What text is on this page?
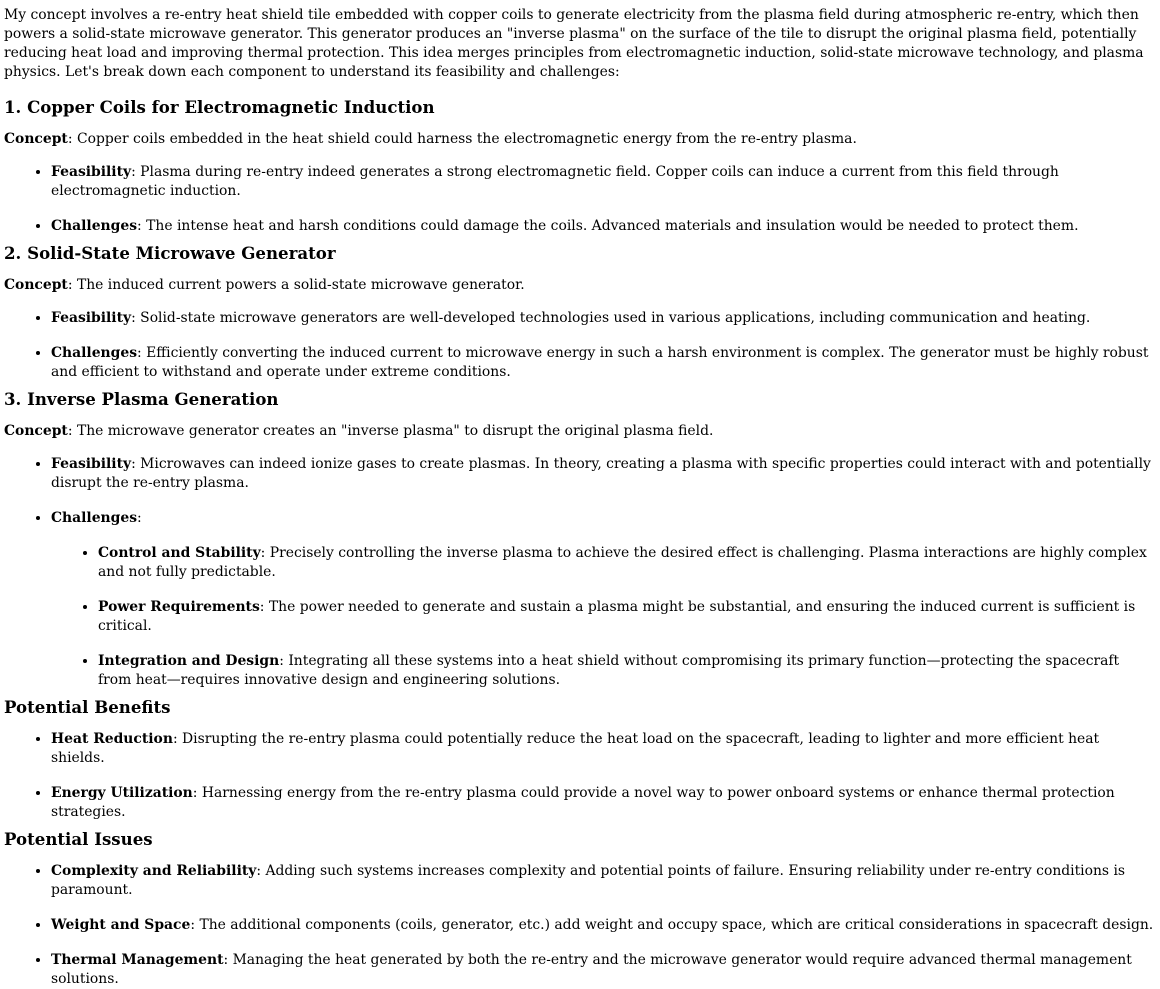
My concept involves a re-entry heat shield tile embedded with copper coils to generate electricity from the plasma field during atmospheric re-entry, which then powers a solid-state microwave generator. This generator produces an "inverse plasma" on the surface of the tile to disrupt the original plasma field, potentially reducing heat load and improving thermal protection. This idea merges principles from electromagnetic induction, solid-state microwave technology, and plasma physics. Let's break down each component to understand its feasibility and challenges:

1. Copper Coils for Electromagnetic Induction

Concept: Copper coils embedded in the heat shield could harness the electromagnetic energy from the re-entry plasma.

• Feasibility: Plasma during re-entry indeed generates a strong electromagnetic field. Copper coils can induce a current from this field through electromagnetic induction.
• Challenges: The intense heat and harsh conditions could damage the coils. Advanced materials and insulation would be needed to protect them.
2. Solid-State Microwave Generator

Concept: The induced current powers a solid-state microwave generator.

• Feasibility: Solid-state microwave generators are well-developed technologies used in various applications, including communication and heating.
• Challenges: Efficiently converting the induced current to microwave energy in such a harsh environment is complex. The generator must be highly robust and efficient to withstand and operate under extreme conditions.
3. Inverse Plasma Generation

Concept: The microwave generator creates an "inverse plasma" to disrupt the original plasma field.

• Feasibility: Microwaves can indeed ionize gases to create plasmas. In theory, creating a plasma with specific properties could interact with and potentially disrupt the re-entry plasma.
• Challenges:
• Control and Stability: Precisely controlling the inverse plasma to achieve the desired effect is challenging. Plasma interactions are highly complex and not fully predictable.
• Power Requirements: The power needed to generate and sustain a plasma might be substantial, and ensuring the induced current is sufficient is critical.
• Integration and Design: Integrating all these systems into a heat shield without compromising its primary function—protecting the spacecraft from heat—requires innovative design and engineering solutions.
Potential Benefits
• Heat Reduction: Disrupting the re-entry plasma could potentially reduce the heat load on the spacecraft, leading to lighter and more efficient heat shields.
• Energy Utilization: Harnessing energy from the re-entry plasma could provide a novel way to power onboard systems or enhance thermal protection strategies.
Potential Issues
• Complexity and Reliability: Adding such systems increases complexity and potential points of failure. Ensuring reliability under re-entry conditions is paramount.
• Weight and Space: The additional components (coils, generator, etc.) add weight and occupy space, which are critical considerations in spacecraft design.
• Thermal Management: Managing the heat generated by both the re-entry and the microwave generator would require advanced thermal management solutions.
